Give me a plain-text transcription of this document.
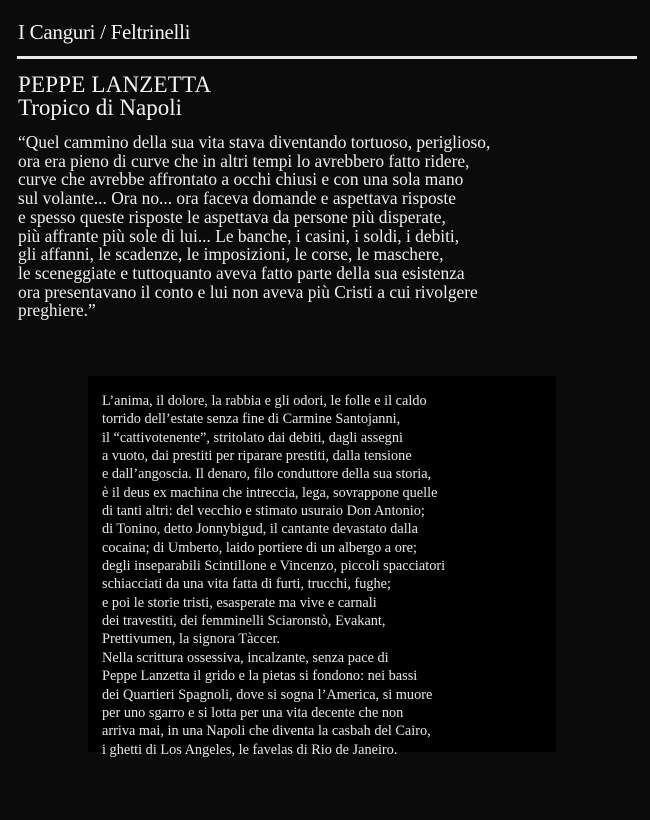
I Canguri / Feltrinelli
PEPPE LANZETTA
Tropico di Napoli
“Quel cammino della sua vita stava diventando tortuoso, periglioso,
ora era pieno di curve che in altri tempi lo avrebbero fatto ridere,
curve che avrebbe affrontato a occhi chiusi e con una sola mano
sul volante... Ora no... ora faceva domande e aspettava risposte
e spesso queste risposte le aspettava da persone più disperate,
più affrante più sole di lui... Le banche, i casini, i soldi, i debiti,
gli affanni, le scadenze, le imposizioni, le corse, le maschere,
le sceneggiate e tuttoquanto aveva fatto parte della sua esistenza
ora presentavano il conto e lui non aveva più Cristi a cui rivolgere
preghiere.”
L’anima, il dolore, la rabbia e gli odori, le folle e il caldo
torrido dell’estate senza fine di Carmine Santojanni,
il “cattivotenente”, stritolato dai debiti, dagli assegni
a vuoto, dai prestiti per riparare prestiti, dalla tensione
e dall’angoscia. Il denaro, filo conduttore della sua storia,
è il deus ex machina che intreccia, lega, sovrappone quelle
di tanti altri: del vecchio e stimato usuraio Don Antonio;
di Tonino, detto Jonnybigud, il cantante devastato dalla
cocaina; di Umberto, laido portiere di un albergo a ore;
degli inseparabili Scintillone e Vincenzo, piccoli spacciatori
schiacciati da una vita fatta di furti, trucchi, fughe;
e poi le storie tristi, esasperate ma vive e carnali
dei travestiti, dei femminelli Sciaronstò, Evakant,
Prettivumen, la signora Tàccer.
Nella scrittura ossessiva, incalzante, senza pace di
Peppe Lanzetta il grido e la pietas si fondono: nei bassi
dei Quartieri Spagnoli, dove si sogna l’America, si muore
per uno sgarro e si lotta per una vita decente che non
arriva mai, in una Napoli che diventa la casbah del Cairo,
i ghetti di Los Angeles, le favelas di Rio de Janeiro.
